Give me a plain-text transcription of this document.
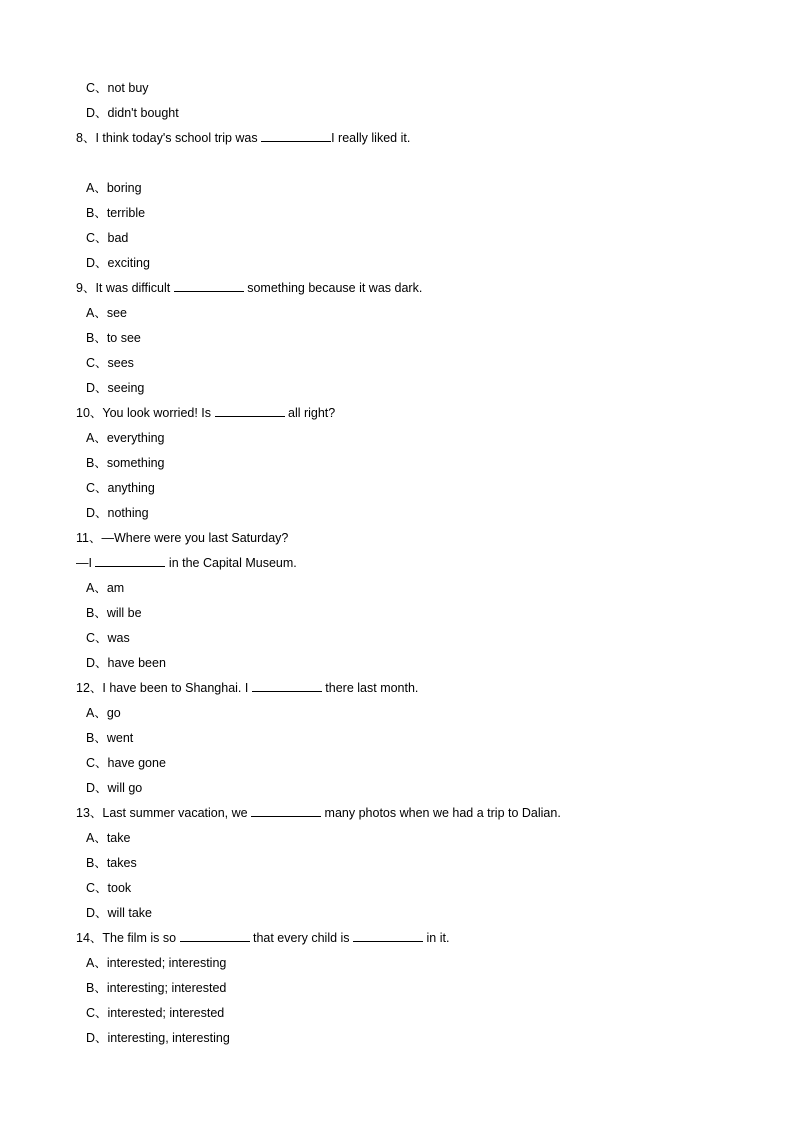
C、not buy
D、didn't bought
8、I think today's school trip was	I really liked it.
A、boring
B、terrible
C、bad
D、exciting
9、It was difficult	something because it was dark.
A、see
B、to see
C、sees
D、seeing
10、You look worried! Is	all right?
A、everything
B、something
C、anything
D、nothing
11、—Where were you last Saturday?
—I	in the Capital Museum.
A、am
B、will be
C、was
D、have been
12、I have been to Shanghai. I	there last month.
A、go
B、went
C、have gone
D、will go
13、Last summer vacation, we	many photos when we had a trip to Dalian.
A、take
B、takes
C、took
D、will take
14、The film is so	that every child is	in it.
A、interested; interesting
B、interesting; interested
C、interested; interested
D、interesting, interesting
